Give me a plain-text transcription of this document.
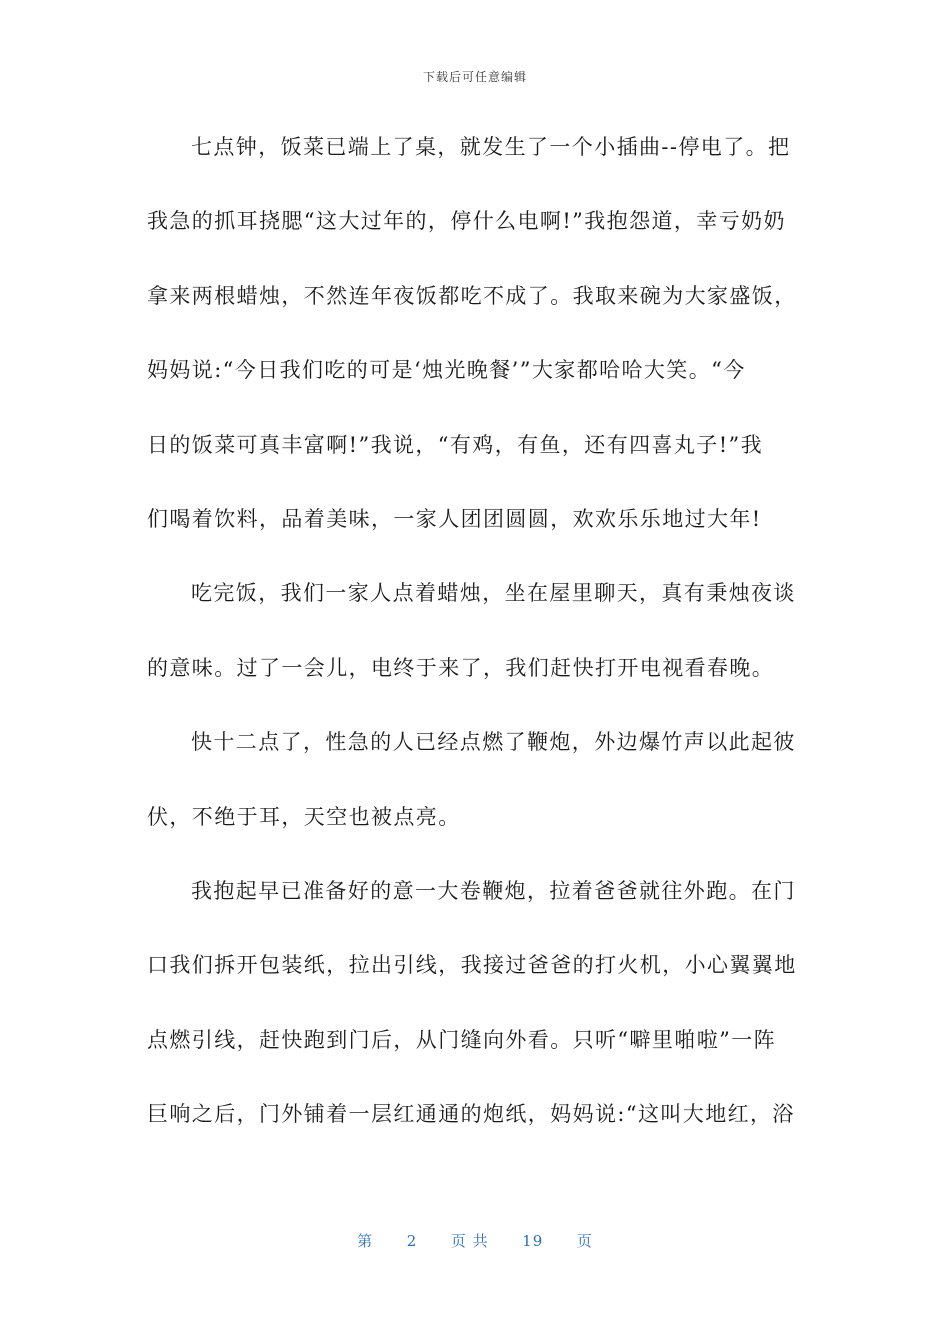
下载后可任意编辑
七点钟，饭菜已端上了桌，就发生了一个小插曲--停电了。把
我急的抓耳挠腮“这大过年的，停什么电啊!”我抱怨道，幸亏奶奶
拿来两根蜡烛，不然连年夜饭都吃不成了。我取来碗为大家盛饭，
妈妈说:“今日我们吃的可是‘烛光晚餐’”大家都哈哈大笑。“今
日的饭菜可真丰富啊!”我说，“有鸡，有鱼，还有四喜丸子!”我
们喝着饮料，品着美味，一家人团团圆圆，欢欢乐乐地过大年!
吃完饭，我们一家人点着蜡烛，坐在屋里聊天，真有秉烛夜谈
的意味。过了一会儿，电终于来了，我们赶快打开电视看春晚。
快十二点了，性急的人已经点燃了鞭炮，外边爆竹声以此起彼
伏，不绝于耳，天空也被点亮。
我抱起早已准备好的意一大卷鞭炮，拉着爸爸就往外跑。在门
口我们拆开包装纸，拉出引线，我接过爸爸的打火机，小心翼翼地
点燃引线，赶快跑到门后，从门缝向外看。只听“噼里啪啦”一阵
巨响之后，门外铺着一层红通通的炮纸，妈妈说:“这叫大地红，浴
第 2 页 共 19 页
